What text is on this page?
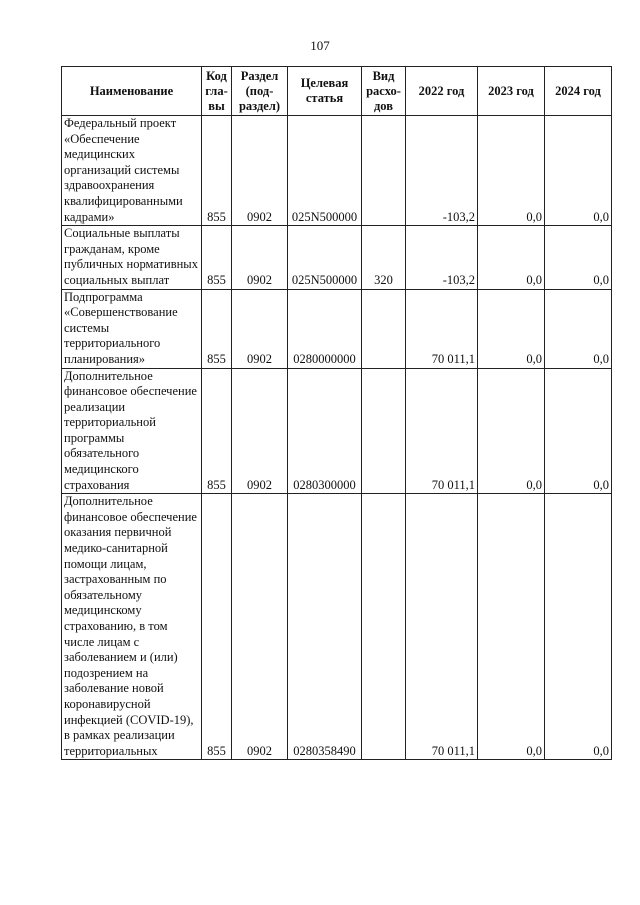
107
Наименование	Код гла- вы	Раздел (под- раздел)	Целевая статья	Вид расхо- дов	2022 год	2023 год	2024 год
Федеральный проект «Обеспечение медицинских организаций системы здравоохранения квалифицированными кадрами»	855	0902	025N500000		-103,2	0,0	0,0
Социальные выплаты гражданам, кроме публичных нормативных социальных выплат	855	0902	025N500000	320	-103,2	0,0	0,0
Подпрограмма «Совершенствование системы территориального планирования»	855	0902	0280000000		70 011,1	0,0	0,0
Дополнительное финансовое обеспечение реализации территориальной программы обязательного медицинского страхования	855	0902	0280300000		70 011,1	0,0	0,0
Дополнительное финансовое обеспечение оказания первичной медико-санитарной помощи лицам, застрахованным по обязательному медицинскому страхованию, в том числе лицам с заболеванием и (или) подозрением на заболевание новой коронавирусной инфекцией (COVID-19), в рамках реализации территориальных	855	0902	0280358490		70 011,1	0,0	0,0
